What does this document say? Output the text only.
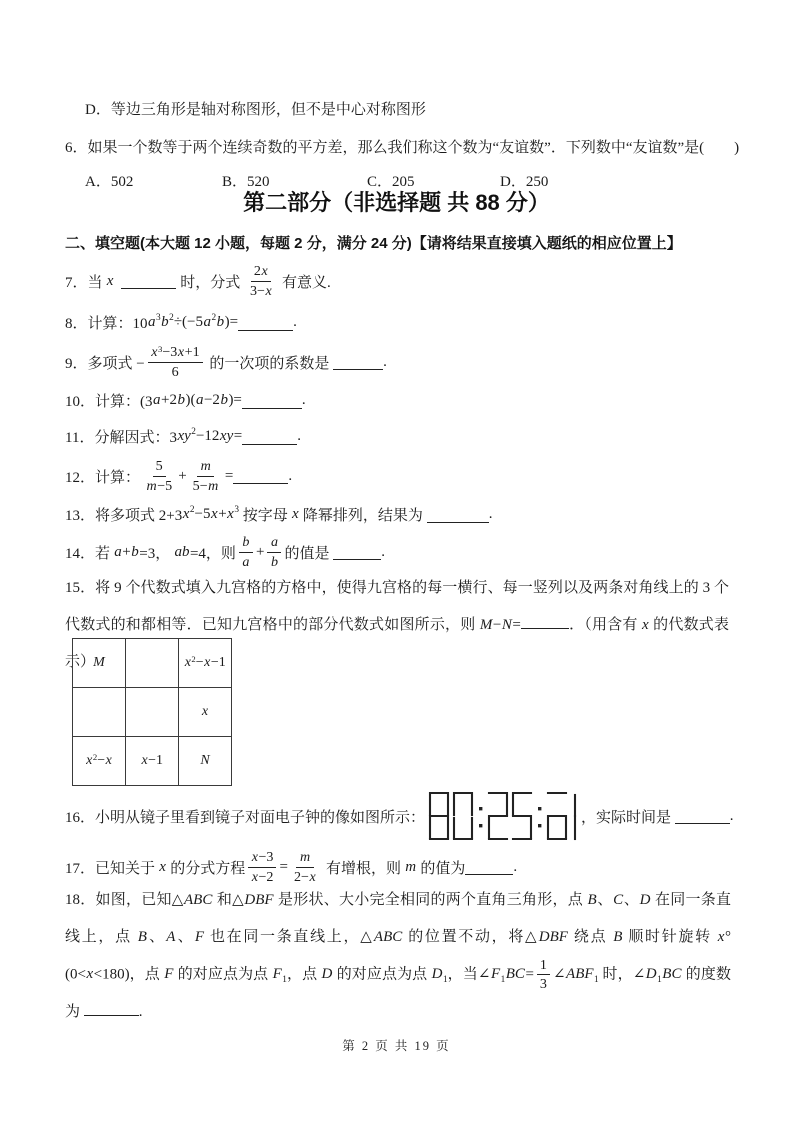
D．等边三角形是轴对称图形，但不是中心对称图形
6．如果一个数等于两个连续奇数的平方差，那么我们称这个数为“友谊数”．下列数中“友谊数”是(　　)
A．502	B．520	C．205	D．250
第二部分（非选择题 共 88 分）
二、填空题(本大题 12 小题，每题 2 分，满分 24 分)【请将结果直接填入题纸的相应位置上】
7．当 x
	时，分式 $\frac{2x}{3-x}$ 有意义.
8．计算：10 a 3 b 2 ÷(−5 a 2 b )=	.
9．多项式 − $\frac{x^3-3x+1}{6}$ 的一次项的系数是	.
10．计算：(3 a +2 b )( a −2 b )=	.
11．分解因式：3 xy 2 −12 xy =	.
12．计算： $\frac{5}{m-5} + \frac{m}{5-m}$ =	.
13．将多项式 2+3 x 2 −5 x + x 3 按字母 x 降幂排列，结果为	.
14．若 a + b =3， ab =4，则 $\frac{b}{a} + \frac{a}{b}$ 的值是	.
15．将 9 个代数式填入九宫格的方格中，使得九宫格的每一横行、每一竖列以及两条对角线上的 3 个代数式的和都相等．已知九宫格中的部分代数式如图所示，则 M−N=	．（用含有 x 的代数式表示）
M		$x^2-x-1$
		x
$x^2-x$	x−1	N
16．小明从镜子里看到镜子对面电子钟的像如图所示：	，实际时间是	.
17．已知关于 x 的分式方程 $\frac{x-3}{x-2} = \frac{m}{2-x}$ 有增根，则 m 的值为	.
18．如图，已知△ABC 和△DBF 是形状、大小完全相同的两个直角三角形，点 B、C、D 在同一条直线上，点 B、A、F 也在同一条直线上，△ABC 的位置不动，将△DBF 绕点 B 顺时针旋转 x°(0<x<180)，点 F 的对应点为点 $F_1$，点 D 的对应点为点 $D_1$，当$\angle F_1BC= \frac{1}{3}$ $\angle ABF_1$ 时，$\angle D_1BC$ 的度数为	.
第 2 页 共 19 页
